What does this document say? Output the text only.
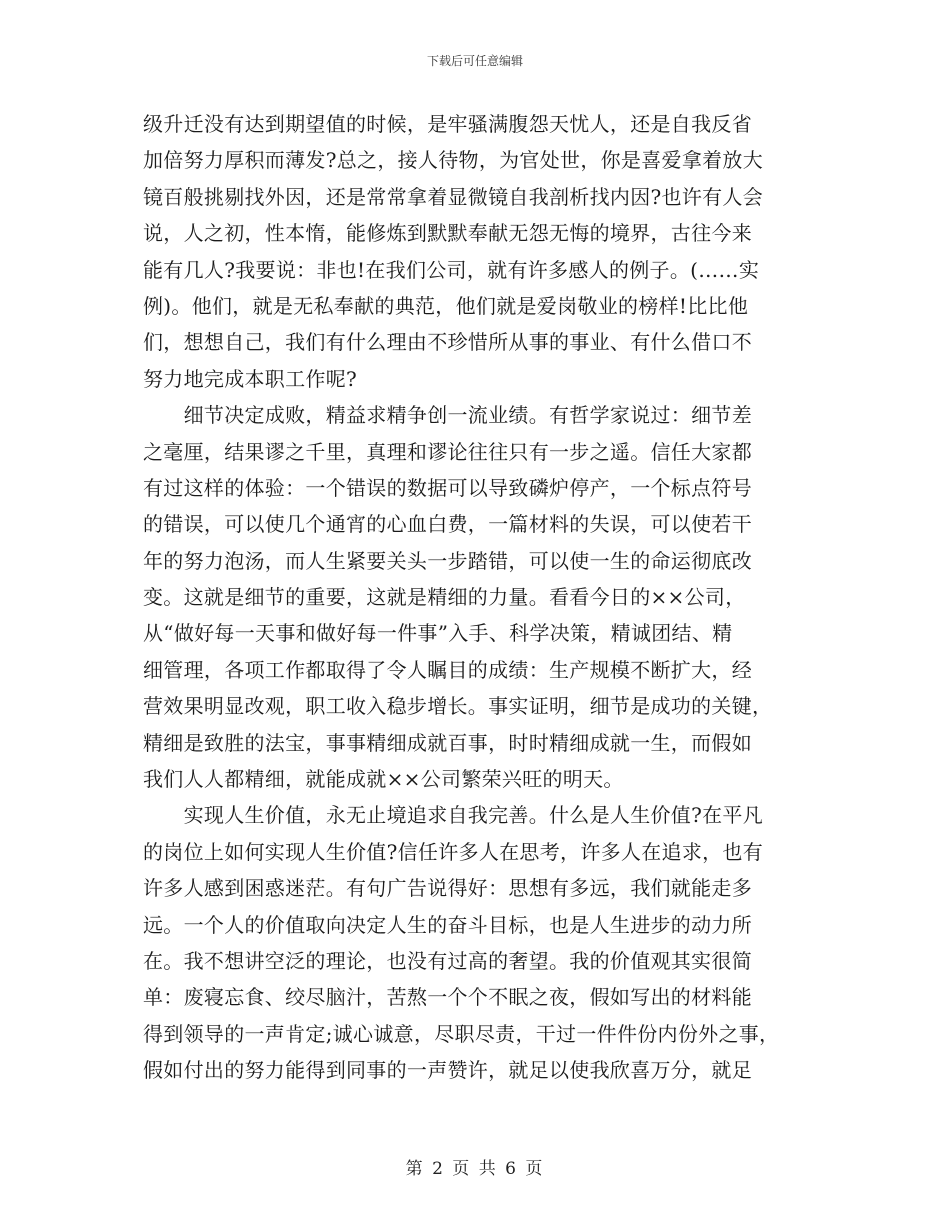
下载后可任意编辑
级升迁没有达到期望值的时候，是牢骚满腹怨天忧人，还是自我反省
加倍努力厚积而薄发?总之，接人待物，为官处世，你是喜爱拿着放大
镜百般挑剔找外因，还是常常拿着显微镜自我剖析找内因?也许有人会
说，人之初，性本惰，能修炼到默默奉献无怨无悔的境界，古往今来
能有几人?我要说：非也!在我们公司，就有许多感人的例子。(……实
例)。他们，就是无私奉献的典范，他们就是爱岗敬业的榜样!比比他
们，想想自己，我们有什么理由不珍惜所从事的事业、有什么借口不
努力地完成本职工作呢?
　　细节决定成败，精益求精争创一流业绩。有哲学家说过：细节差
之毫厘，结果谬之千里，真理和谬论往往只有一步之遥。信任大家都
有过这样的体验：一个错误的数据可以导致磷炉停产，一个标点符号
的错误，可以使几个通宵的心血白费，一篇材料的失误，可以使若干
年的努力泡汤，而人生紧要关头一步踏错，可以使一生的命运彻底改
变。这就是细节的重要，这就是精细的力量。看看今日的××公司，
从“做好每一天事和做好每一件事”入手、科学决策，精诚团结、精
细管理，各项工作都取得了令人瞩目的成绩：生产规模不断扩大，经
营效果明显改观，职工收入稳步增长。事实证明，细节是成功的关键，
精细是致胜的法宝，事事精细成就百事，时时精细成就一生，而假如
我们人人都精细，就能成就××公司繁荣兴旺的明天。
　　实现人生价值，永无止境追求自我完善。什么是人生价值?在平凡
的岗位上如何实现人生价值?信任许多人在思考，许多人在追求，也有
许多人感到困惑迷茫。有句广告说得好：思想有多远，我们就能走多
远。一个人的价值取向决定人生的奋斗目标，也是人生进步的动力所
在。我不想讲空泛的理论，也没有过高的奢望。我的价值观其实很简
单：废寝忘食、绞尽脑汁，苦熬一个个不眠之夜，假如写出的材料能
得到领导的一声肯定;诚心诚意，尽职尽责，干过一件件份内份外之事，
假如付出的努力能得到同事的一声赞许，就足以使我欣喜万分，就足
第 2 页 共 6 页
